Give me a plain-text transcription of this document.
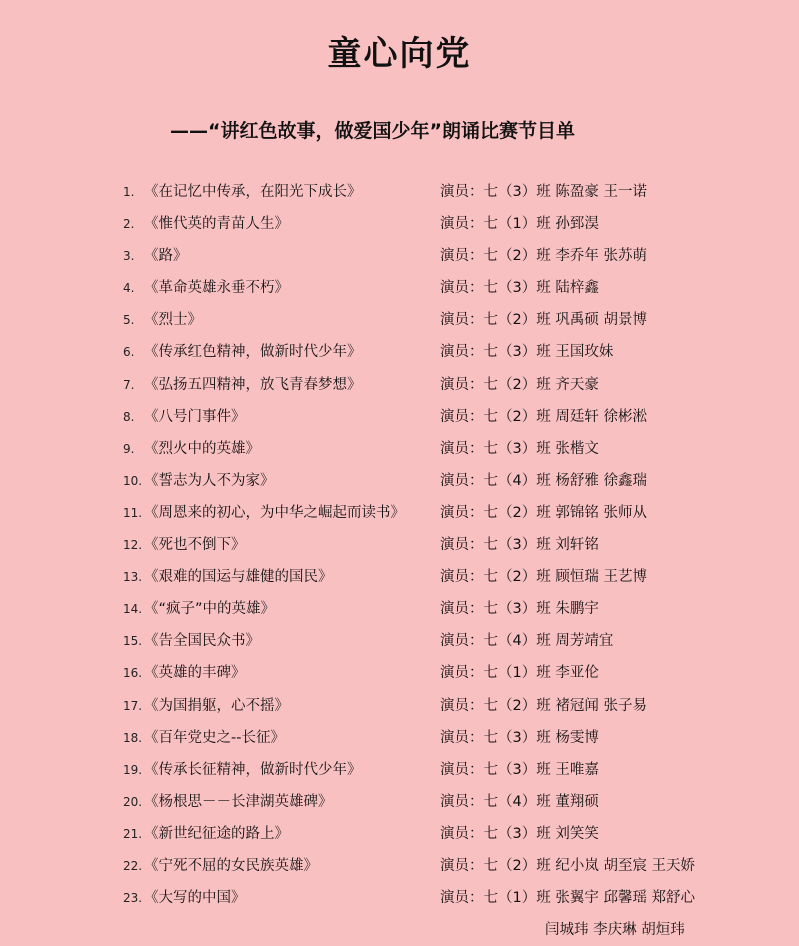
童心向党
——“讲红色故事，做爱国少年”朗诵比赛节目单
1. 《在记忆中传承，在阳光下成长》	演员：七（3）班 陈盈豪 王一诺
2. 《惟代英的青苗人生》	演员：七（1）班 孙郅淏
3. 《路》	演员：七（2）班 李乔年 张苏萌
4. 《革命英雄永垂不朽》	演员：七（3）班 陆梓鑫
5. 《烈士》	演员：七（2）班 巩禹硕 胡景博
6. 《传承红色精神，做新时代少年》	演员：七（3）班 王国玫妹
7. 《弘扬五四精神，放飞青春梦想》	演员：七（2）班 齐天豪
8. 《八号门事件》	演员：七（2）班 周廷轩 徐彬淞
9. 《烈火中的英雄》	演员：七（3）班 张楷文
10. 《誓志为人不为家》	演员：七（4）班 杨舒雅 徐鑫瑞
11. 《周恩来的初心，为中华之崛起而读书》 演员：七（2）班 郭锦铭 张师从
12. 《死也不倒下》	演员：七（3）班 刘轩铭
13. 《艰难的国运与雄健的国民》	演员：七（2）班 顾恒瑞 王艺博
14. 《“疯子”中的英雄》	演员：七（3）班 朱鹏宇
15. 《告全国民众书》	演员：七（4）班 周芳靖宜
16. 《英雄的丰碑》	演员：七（1）班 李亚伦
17. 《为国捐躯，心不摇》	演员：七（2）班 褚冠闻 张子易
18. 《百年党史之--长征》	演员：七（3）班 杨雯博
19. 《传承长征精神，做新时代少年》	演员：七（3）班 王唯嘉
20. 《杨根思－－长津湖英雄碑》	演员：七（4）班 董翔硕
21. 《新世纪征途的路上》	演员：七（3）班 刘笑笑
22. 《宁死不屈的女民族英雄》	演员：七（2）班 纪小岚 胡至宸 王天娇
23. 《大写的中国》	演员：七（1）班 张翼宇 邱馨瑶 郑舒心
闫城玮 李庆琳 胡烜玮
